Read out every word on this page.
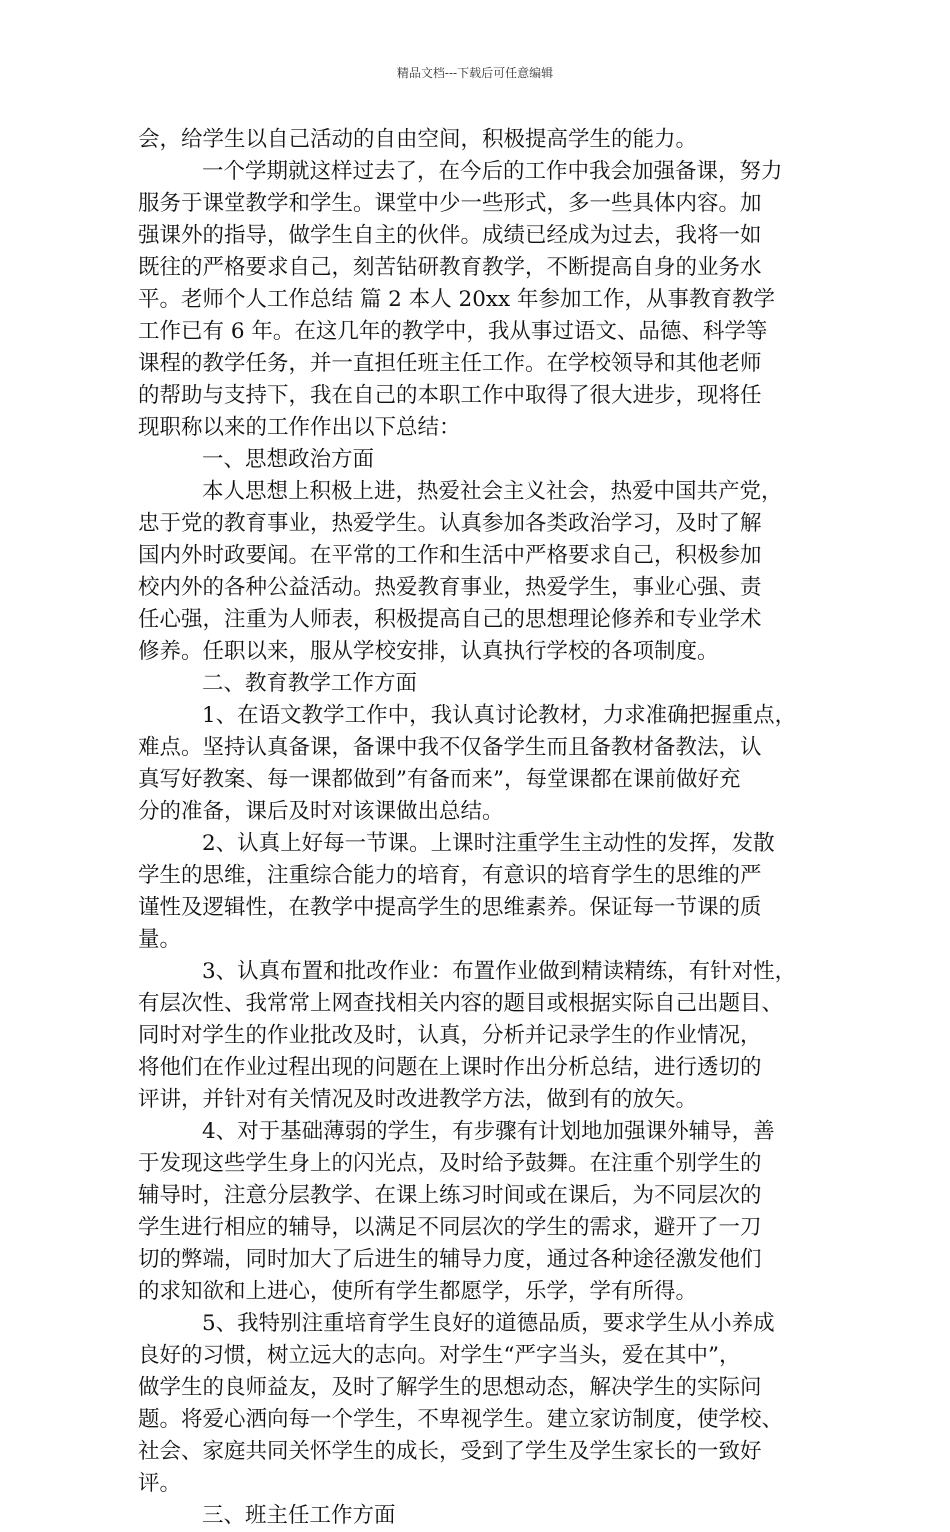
精品文档---下载后可任意编辑
会，给学生以自己活动的自由空间，积极提高学生的能力。
一个学期就这样过去了，在今后的工作中我会加强备课，努力
服务于课堂教学和学生。课堂中少一些形式，多一些具体内容。加
强课外的指导，做学生自主的伙伴。成绩已经成为过去，我将一如
既往的严格要求自己，刻苦钻研教育教学，不断提高自身的业务水
平。老师个人工作总结 篇 2 本人 20xx 年参加工作，从事教育教学
工作已有 6 年。在这几年的教学中，我从事过语文、品德、科学等
课程的教学任务，并一直担任班主任工作。在学校领导和其他老师
的帮助与支持下，我在自己的本职工作中取得了很大进步，现将任
现职称以来的工作作出以下总结：
一、思想政治方面
本人思想上积极上进，热爱社会主义社会，热爱中国共产党，
忠于党的教育事业，热爱学生。认真参加各类政治学习，及时了解
国内外时政要闻。在平常的工作和生活中严格要求自己，积极参加
校内外的各种公益活动。热爱教育事业，热爱学生，事业心强、责
任心强，注重为人师表，积极提高自己的思想理论修养和专业学术
修养。任职以来，服从学校安排，认真执行学校的各项制度。
二、教育教学工作方面
1、在语文教学工作中，我认真讨论教材，力求准确把握重点，
难点。坚持认真备课，备课中我不仅备学生而且备教材备教法，认
真写好教案、每一课都做到”有备而来”，每堂课都在课前做好充
分的准备，课后及时对该课做出总结。
2、认真上好每一节课。上课时注重学生主动性的发挥，发散
学生的思维，注重综合能力的培育，有意识的培育学生的思维的严
谨性及逻辑性，在教学中提高学生的思维素养。保证每一节课的质
量。
3、认真布置和批改作业：布置作业做到精读精练，有针对性，
有层次性、我常常上网查找相关内容的题目或根据实际自己出题目、
同时对学生的作业批改及时，认真，分析并记录学生的作业情况，
将他们在作业过程出现的问题在上课时作出分析总结，进行透切的
评讲，并针对有关情况及时改进教学方法，做到有的放矢。
4、对于基础薄弱的学生，有步骤有计划地加强课外辅导，善
于发现这些学生身上的闪光点，及时给予鼓舞。在注重个别学生的
辅导时，注意分层教学、在课上练习时间或在课后，为不同层次的
学生进行相应的辅导，以满足不同层次的学生的需求，避开了一刀
切的弊端，同时加大了后进生的辅导力度，通过各种途径激发他们
的求知欲和上进心，使所有学生都愿学，乐学，学有所得。
5、我特别注重培育学生良好的道德品质，要求学生从小养成
良好的习惯，树立远大的志向。对学生“严字当头，爱在其中”，
做学生的良师益友，及时了解学生的思想动态，解决学生的实际问
题。将爱心洒向每一个学生，不卑视学生。建立家访制度，使学校、
社会、家庭共同关怀学生的成长，受到了学生及学生家长的一致好
评。
三、班主任工作方面
